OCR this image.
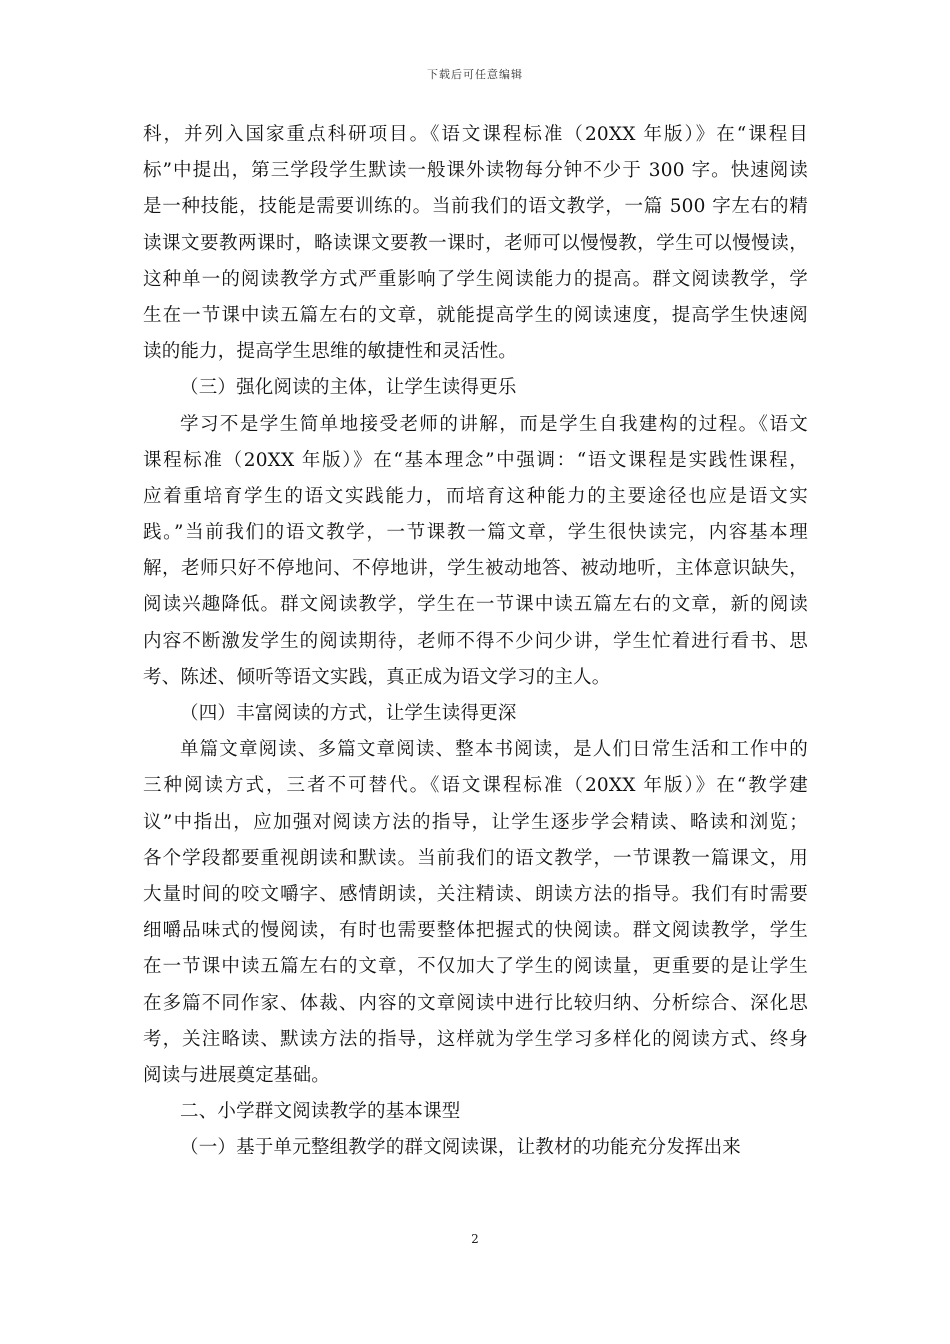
下载后可任意编辑
科，并列入国家重点科研项目。《语文课程标准（20XX 年版）》在“课程目
标”中提出，第三学段学生默读一般课外读物每分钟不少于 300 字。快速阅读
是一种技能，技能是需要训练的。当前我们的语文教学，一篇 500 字左右的精
读课文要教两课时，略读课文要教一课时，老师可以慢慢教，学生可以慢慢读，
这种单一的阅读教学方式严重影响了学生阅读能力的提高。群文阅读教学，学
生在一节课中读五篇左右的文章，就能提高学生的阅读速度，提高学生快速阅
读的能力，提高学生思维的敏捷性和灵活性。
（三）强化阅读的主体，让学生读得更乐
学习不是学生简单地接受老师的讲解，而是学生自我建构的过程。《语文
课程标准（20XX 年版）》在“基本理念”中强调：“语文课程是实践性课程，
应着重培育学生的语文实践能力，而培育这种能力的主要途径也应是语文实
践。”当前我们的语文教学，一节课教一篇文章，学生很快读完，内容基本理
解，老师只好不停地问、不停地讲，学生被动地答、被动地听，主体意识缺失，
阅读兴趣降低。群文阅读教学，学生在一节课中读五篇左右的文章，新的阅读
内容不断激发学生的阅读期待，老师不得不少问少讲，学生忙着进行看书、思
考、陈述、倾听等语文实践，真正成为语文学习的主人。
（四）丰富阅读的方式，让学生读得更深
单篇文章阅读、多篇文章阅读、整本书阅读，是人们日常生活和工作中的
三种阅读方式，三者不可替代。《语文课程标准（20XX 年版）》在“教学建
议”中指出，应加强对阅读方法的指导，让学生逐步学会精读、略读和浏览；
各个学段都要重视朗读和默读。当前我们的语文教学，一节课教一篇课文，用
大量时间的咬文嚼字、感情朗读，关注精读、朗读方法的指导。我们有时需要
细嚼品味式的慢阅读，有时也需要整体把握式的快阅读。群文阅读教学，学生
在一节课中读五篇左右的文章，不仅加大了学生的阅读量，更重要的是让学生
在多篇不同作家、体裁、内容的文章阅读中进行比较归纳、分析综合、深化思
考，关注略读、默读方法的指导，这样就为学生学习多样化的阅读方式、终身
阅读与进展奠定基础。
二、小学群文阅读教学的基本课型
（一）基于单元整组教学的群文阅读课，让教材的功能充分发挥出来
2
